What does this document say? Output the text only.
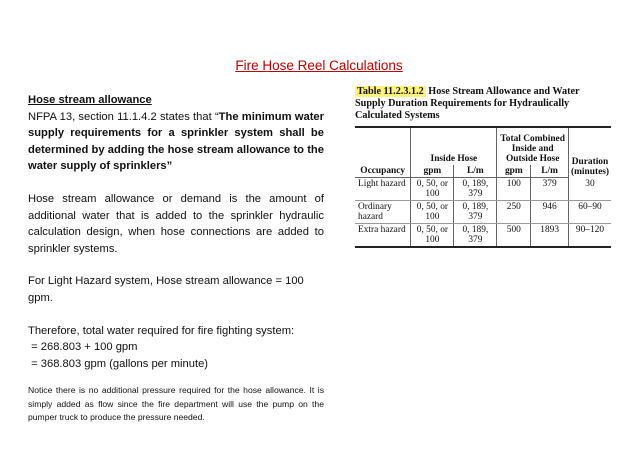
Fire Hose Reel Calculations

Hose stream allowance

NFPA 13, section 11.1.4.2 states that “The minimum water supply requirements for a sprinkler system shall be determined by adding the hose stream allowance to the water supply of sprinklers”

Hose stream allowance or demand is the amount of additional water that is added to the sprinkler hydraulic calculation design, when hose connections are added to sprinkler systems.

For Light Hazard system, Hose stream allowance = 100 gpm.

Therefore, total water required for fire fighting system:

= 268.803 + 100 gpm

= 368.803 gpm (gallons per minute)

Notice there is no additional pressure required for the hose allowance. It is simply added as flow since the fire department will use the pump on the pumper truck to produce the pressure needed.

Table 11.2.3.1.2 Hose Stream Allowance and Water Supply Duration Requirements for Hydraulically Calculated Systems
	Inside Hose		Total Combined Inside and Outside Hose		Duration (minutes)
Occupancy	gpm	L/m	gpm	L/m	
Light hazard	0, 50, or 100	0, 189, 379	100	379	30
Ordinary hazard	0, 50, or 100	0, 189, 379	250	946	60–90
Extra hazard	0, 50, or 100	0, 189, 379	500	1893	90–120
